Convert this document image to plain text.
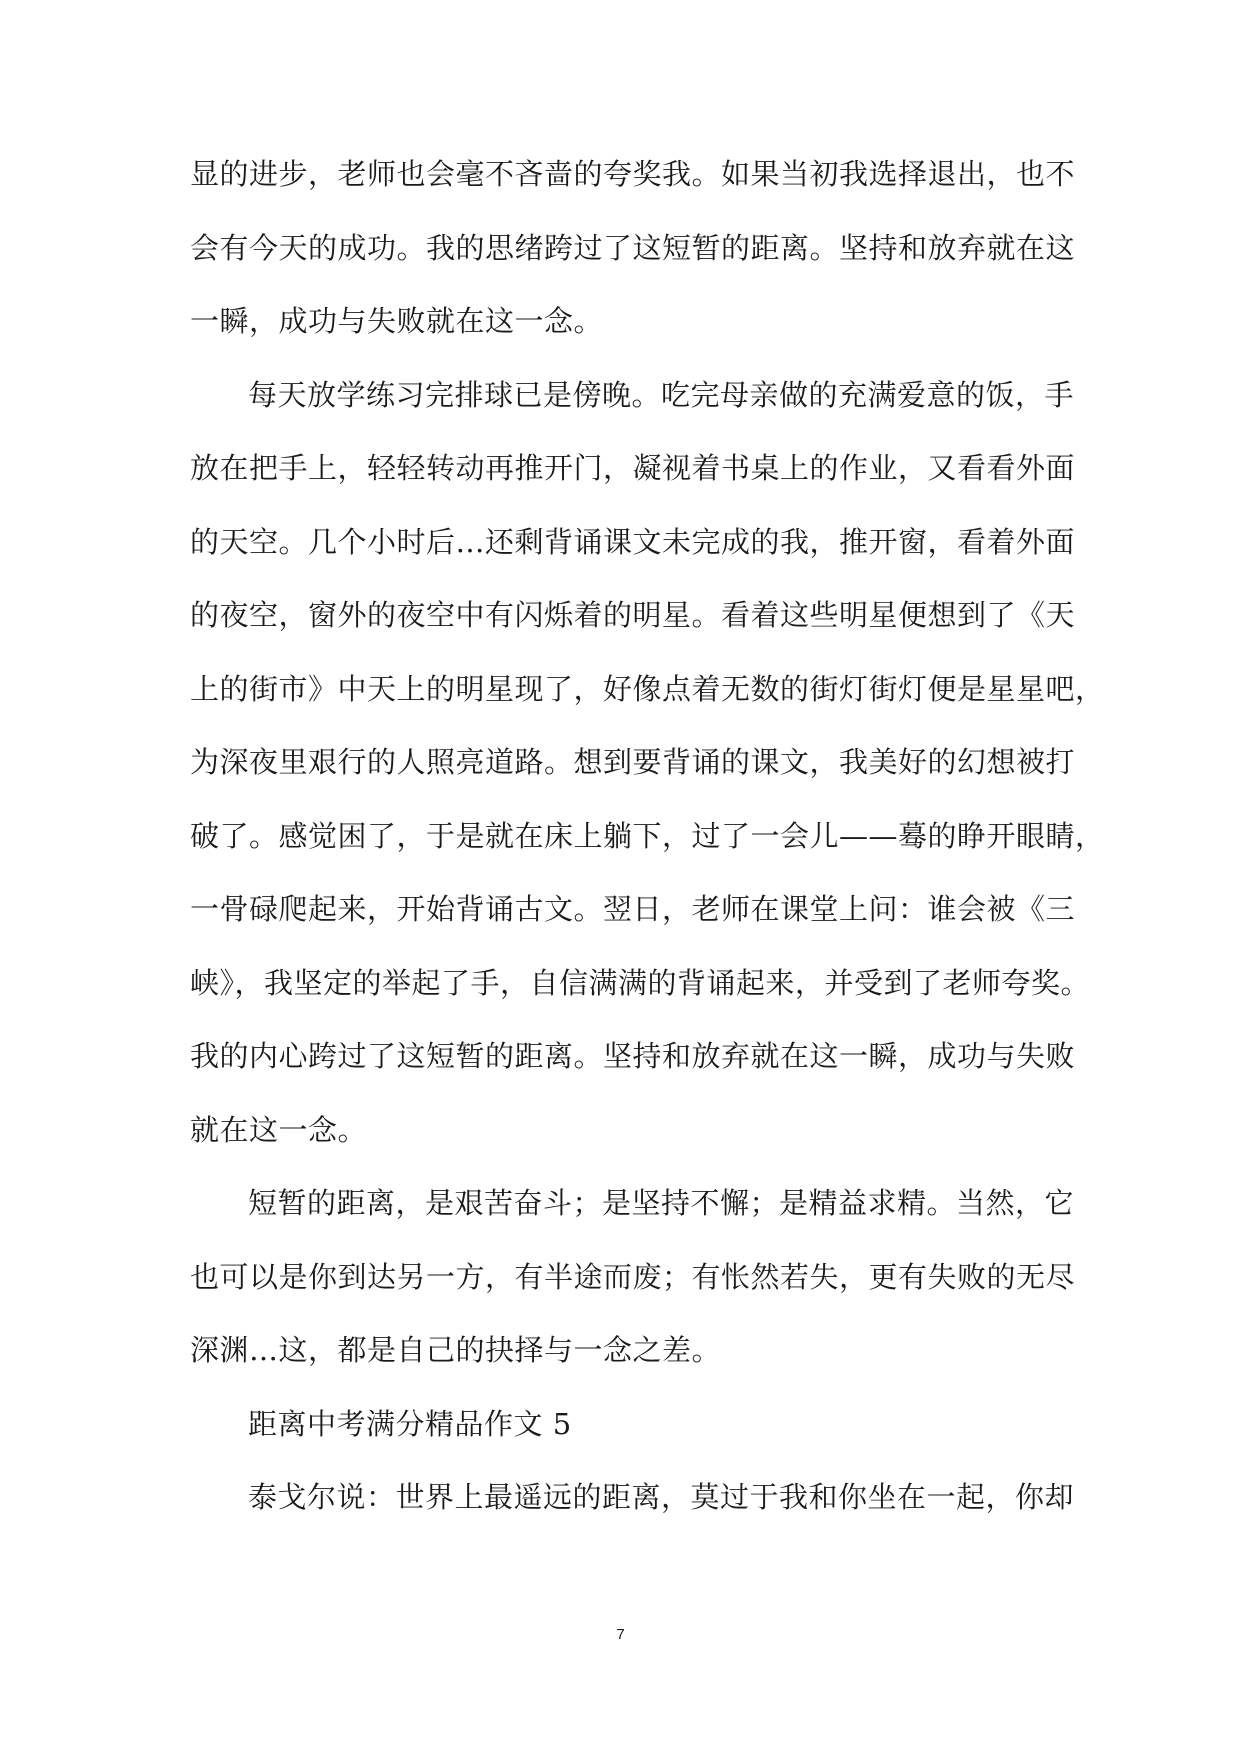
显的进步，老师也会毫不吝啬的夸奖我。如果当初我选择退出，也不
会有今天的成功。我的思绪跨过了这短暂的距离。坚持和放弃就在这
一瞬，成功与失败就在这一念。
每天放学练习完排球已是傍晚。吃完母亲做的充满爱意的饭，手
放在把手上，轻轻转动再推开门，凝视着书桌上的作业，又看看外面
的天空。几个小时后…还剩背诵课文未完成的我，推开窗，看着外面
的夜空，窗外的夜空中有闪烁着的明星。看着这些明星便想到了《天
上的街市》中天上的明星现了，好像点着无数的街灯街灯便是星星吧，
为深夜里艰行的人照亮道路。想到要背诵的课文，我美好的幻想被打
破了。感觉困了，于是就在床上躺下，过了一会儿——蓦的睁开眼睛，
一骨碌爬起来，开始背诵古文。翌日，老师在课堂上问：谁会被《三
峡》，我坚定的举起了手，自信满满的背诵起来，并受到了老师夸奖。
我的内心跨过了这短暂的距离。坚持和放弃就在这一瞬，成功与失败
就在这一念。
短暂的距离，是艰苦奋斗；是坚持不懈；是精益求精。当然，它
也可以是你到达另一方，有半途而废；有怅然若失，更有失败的无尽
深渊…这，都是自己的抉择与一念之差。
距离中考满分精品作文 5
泰戈尔说：世界上最遥远的距离，莫过于我和你坐在一起，你却
7
